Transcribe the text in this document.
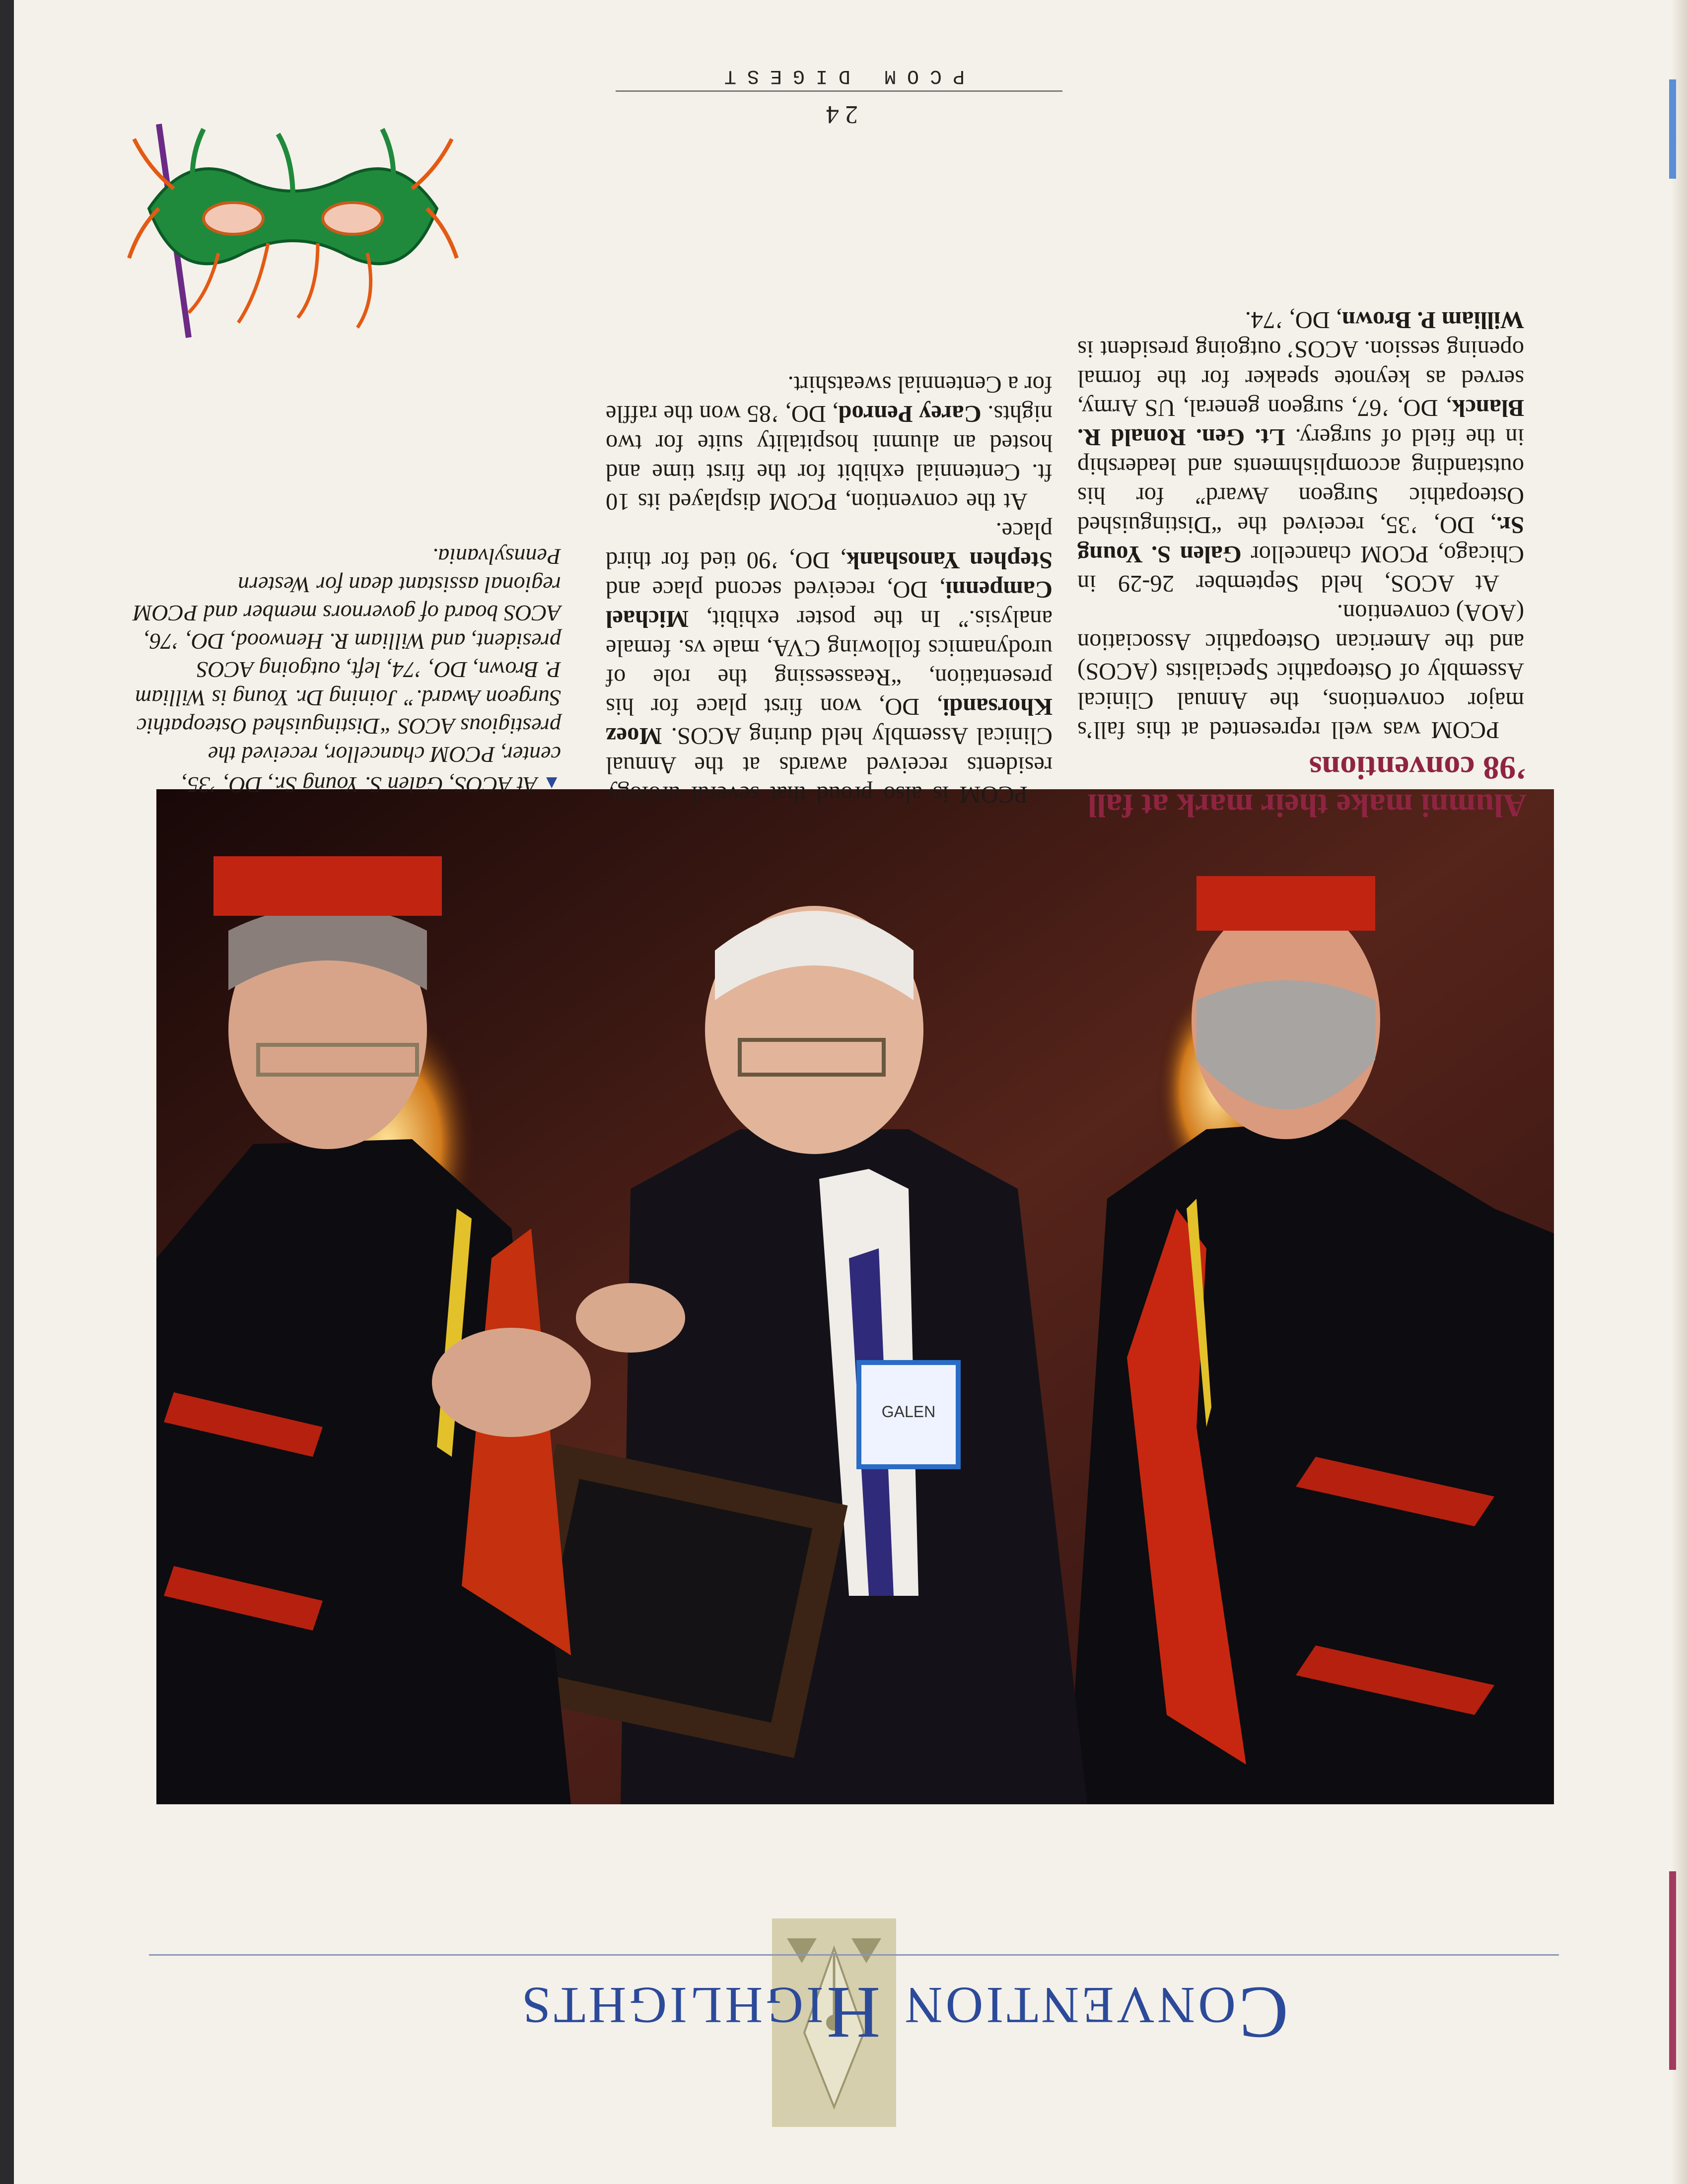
Convention Highlights
GALEN
Alumni make their mark at fall ’98 conventions

PCOM was well represented at this fall’s major conventions, the Annual Clinical Assembly of Osteopathic Specialists (ACOS) and the American Osteopathic Association (AOA) convention.

At ACOS, held September 26-29 in Chicago, PCOM chancellor Galen S. Young Sr., DO, ’35, received the “Distinguished Osteopathic Surgeon Award” for his outstanding accomplishments and leadership in the field of surgery. Lt. Gen. Ronald R. Blanck, DO, ’67, surgeon general, US Army, served as keynote speaker for the formal opening session. ACOS’ outgoing president is William P. Brown, DO, ’74.

PCOM is also proud that several urology residents received awards at the Annual Clinical Assembly held during ACOS. Moez Khorsandi, DO, won first place for his presentation, “Reassessing the role of urodynamics following CVA, male vs. female analysis.” In the poster exhibit, Michael Campenni, DO, received second place and Stephen Yanoshank, DO, ’90 tied for third place.

At the convention, PCOM displayed its 10 ft. Centennial exhibit for the first time and hosted an alumni hospitality suite for two nights. Carey Penrod, DO, ’85 won the raffle for a Centennial sweatshirt.

▲At ACOS, Galen S. Young Sr., DO, ’35, center, PCOM chancellor, received the prestigious ACOS “Distinguished Osteopathic Surgeon Award.” Joining Dr. Young is William P. Brown, DO, ’74, left, outgoing ACOS president, and William R. Henwood, DO, ’76, ACOS board of governors member and PCOM regional assistant dean for Western Pennsylvania.

24
PCOM DIGEST
